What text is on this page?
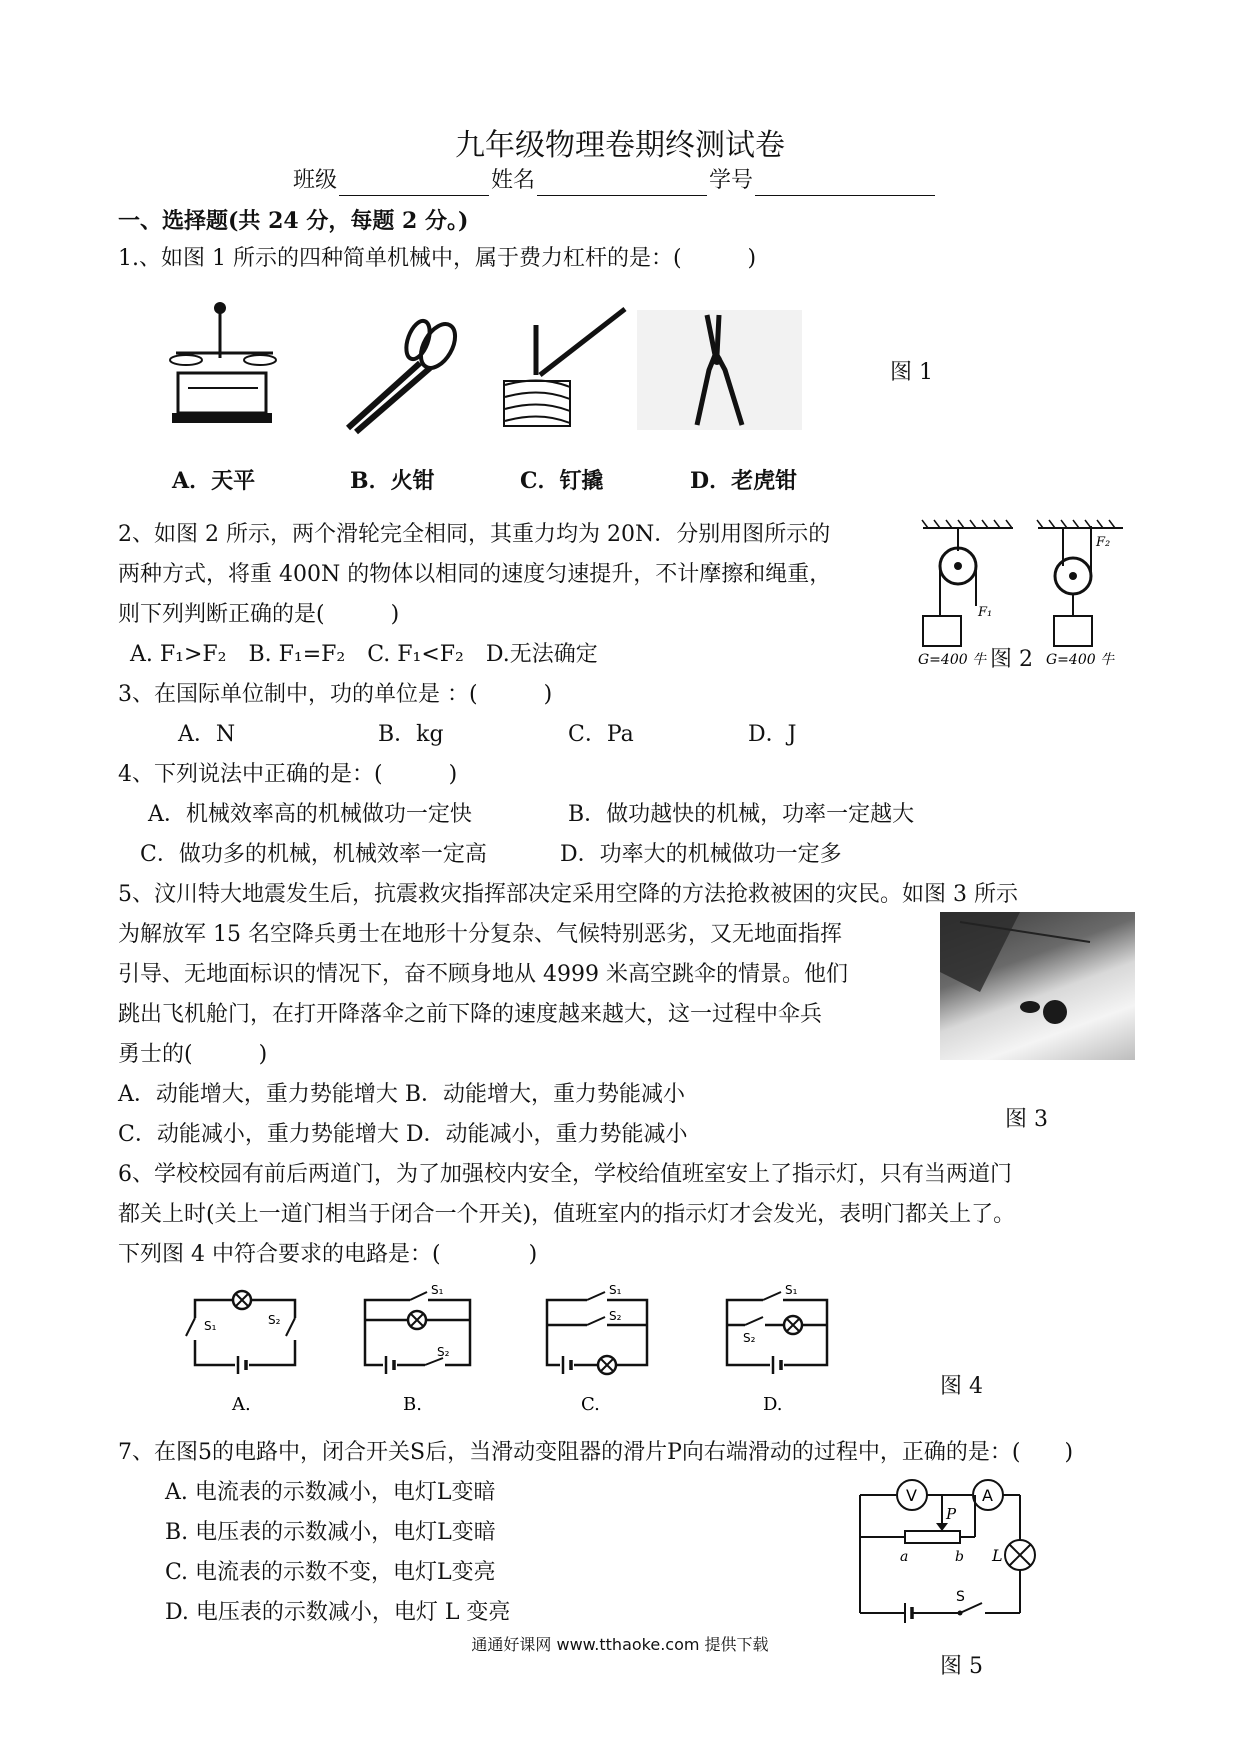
九年级物理卷期终测试卷
班级	姓名	学号
一、选择题(共 24 分，每题 2 分。)
1.、如图 1 所示的四种简单机械中，属于费力杠杆的是：(　　　)
图 1
A．天平	B．火钳	C．钉撬	D．老虎钳
2、如图 2 所示，两个滑轮完全相同，其重力均为 20N．分别用图所示的
两种方式，将重 400N 的物体以相同的速度匀速提升，不计摩擦和绳重，
则下列判断正确的是(　　　)
A. F₁>F₂　B. F₁=F₂　C. F₁<F₂　D.无法确定
F₁
F₂
G=400 牛	G=400 牛
图 2
3、在国际单位制中，功的单位是 ：(　　　)
A．N	B．kg	C．Pa	D．J
4、下列说法中正确的是：(　　　)
A．机械效率高的机械做功一定快	B．做功越快的机械，功率一定越大
C．做功多的机械，机械效率一定高	D．功率大的机械做功一定多
5、汶川特大地震发生后，抗震救灾指挥部决定采用空降的方法抢救被困的灾民。如图 3 所示
为解放军 15 名空降兵勇士在地形十分复杂、气候特别恶劣，又无地面指挥
引导、无地面标识的情况下，奋不顾身地从 4999 米高空跳伞的情景。他们
跳出飞机舱门，在打开降落伞之前下降的速度越来越大，这一过程中伞兵
勇士的(　　　)
A．动能增大，重力势能增大 B．动能增大，重力势能减小
C．动能减小，重力势能增大 D．动能减小，重力势能减小
图 3
6、学校校园有前后两道门，为了加强校内安全，学校给值班室安上了指示灯，只有当两道门
都关上时(关上一道门相当于闭合一个开关)，值班室内的指示灯才会发光，表明门都关上了。
下列图 4 中符合要求的电路是：(　　　　)
S₁	S₂
A.
S₁
S₂
B.
S₁
S₂
C.
S₁
S₂
D.
图 4
7、在图5的电路中，闭合开关S后，当滑动变阻器的滑片P向右端滑动的过程中，正确的是：(　　)
A. 电流表的示数减小，电灯L变暗
B. 电压表的示数减小，电灯L变暗
C. 电流表的示数不变，电灯L变亮
D. 电压表的示数减小，电灯 L 变亮
V	A
P
a	b L
S
图 5
通通好课网 www.tthaoke.com 提供下载
